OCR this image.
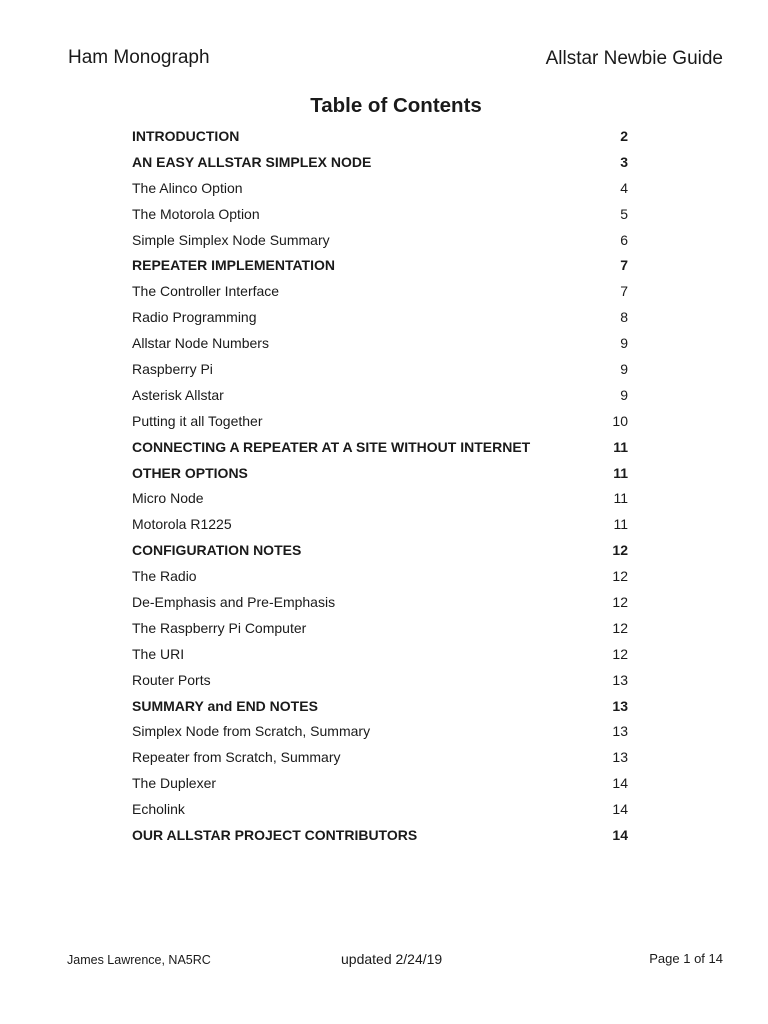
Ham Monograph	Allstar Newbie Guide
Table of Contents
INTRODUCTION	2
AN EASY ALLSTAR SIMPLEX NODE	3
The Alinco Option	4
The Motorola Option	5
Simple Simplex Node Summary	6
REPEATER IMPLEMENTATION	7
The Controller Interface	7
Radio Programming	8
Allstar Node Numbers	9
Raspberry Pi	9
Asterisk Allstar	9
Putting it all Together	10
CONNECTING A REPEATER AT A SITE WITHOUT INTERNET	11
OTHER OPTIONS	11
Micro Node	11
Motorola R1225	11
CONFIGURATION NOTES	12
The Radio	12
De-Emphasis and Pre-Emphasis	12
The Raspberry Pi Computer	12
The URI	12
Router Ports	13
SUMMARY and END NOTES	13
Simplex Node from Scratch, Summary	13
Repeater from Scratch, Summary	13
The Duplexer	14
Echolink	14
OUR ALLSTAR PROJECT CONTRIBUTORS	14
James Lawrence, NA5RC	updated 2/24/19	Page 1 of 14
